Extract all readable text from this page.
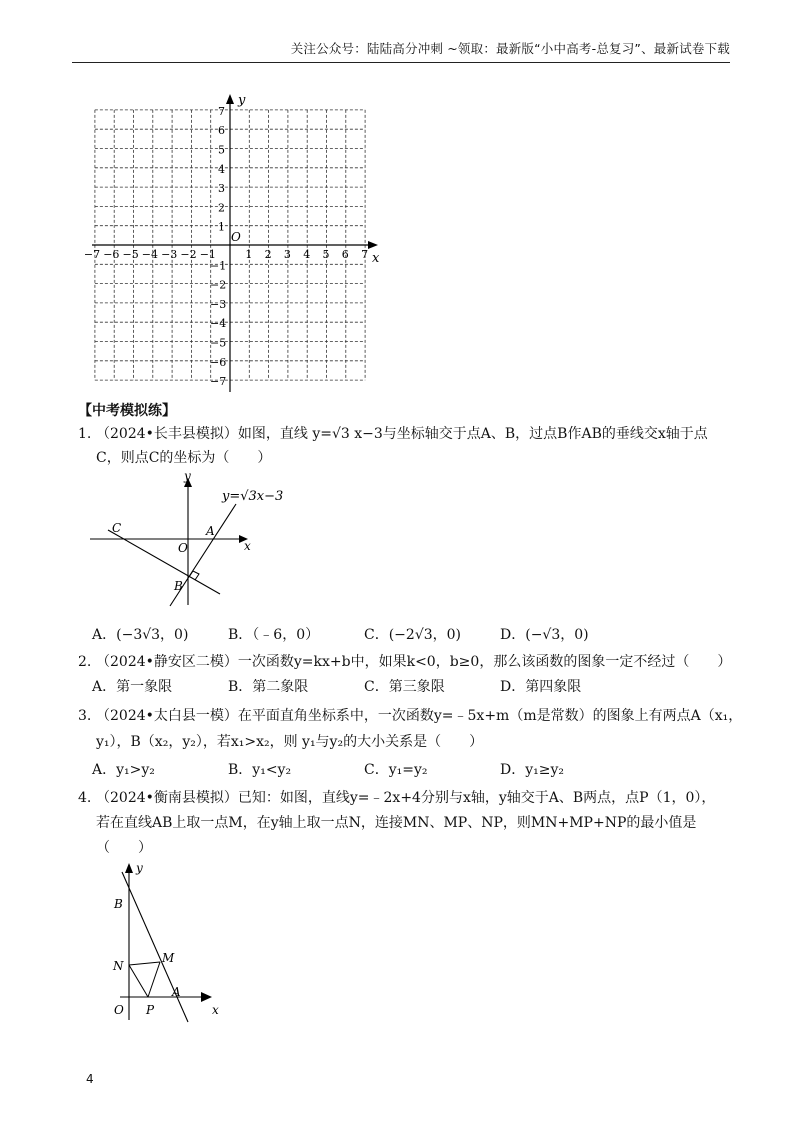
关注公众号：陆陆高分冲刺 ~领取：最新版“小中高考-总复习”、最新试卷下载
x
y
O
−7 −6 −5 −4 −3 −2 −1	1 2 3 4 5 6 7
7
6
5
4
3
2
1
−1
−2
−3
−4
−5
−6
−7
【中考模拟练】
1. （2024•长丰县模拟）如图，直线 y=√3 x−3与坐标轴交于点A、B，过点B作AB的垂线交x轴于点
C，则点C的坐标为（　　）
y=√3x−3
y
x
O
A
B
C
A．(−3√3，0)	B．（﹣6，0）	C．(−2√3，0)	D．(−√3，0)
2. （2024•静安区二模）一次函数y=kx+b中，如果k<0，b≥0，那么该函数的图象一定不经过（　　）
A．第一象限	B．第二象限	C．第三象限	D．第四象限
3. （2024•太白县一模）在平面直角坐标系中，一次函数y=﹣5x+m（m是常数）的图象上有两点A（x₁，
y₁），B（x₂，y₂），若x₁>x₂，则 y₁与y₂的大小关系是（　　）
A．y₁>y₂	B．y₁<y₂	C．y₁=y₂	D．y₁≥y₂
4. （2024•衡南县模拟）已知：如图，直线y=﹣2x+4分别与x轴，y轴交于A、B两点，点P（1，0），
若在直线AB上取一点M，在y轴上取一点N，连接MN、MP、NP，则MN+MP+NP的最小值是
（　　）
y
x
O
A
B
M
N
P
4
